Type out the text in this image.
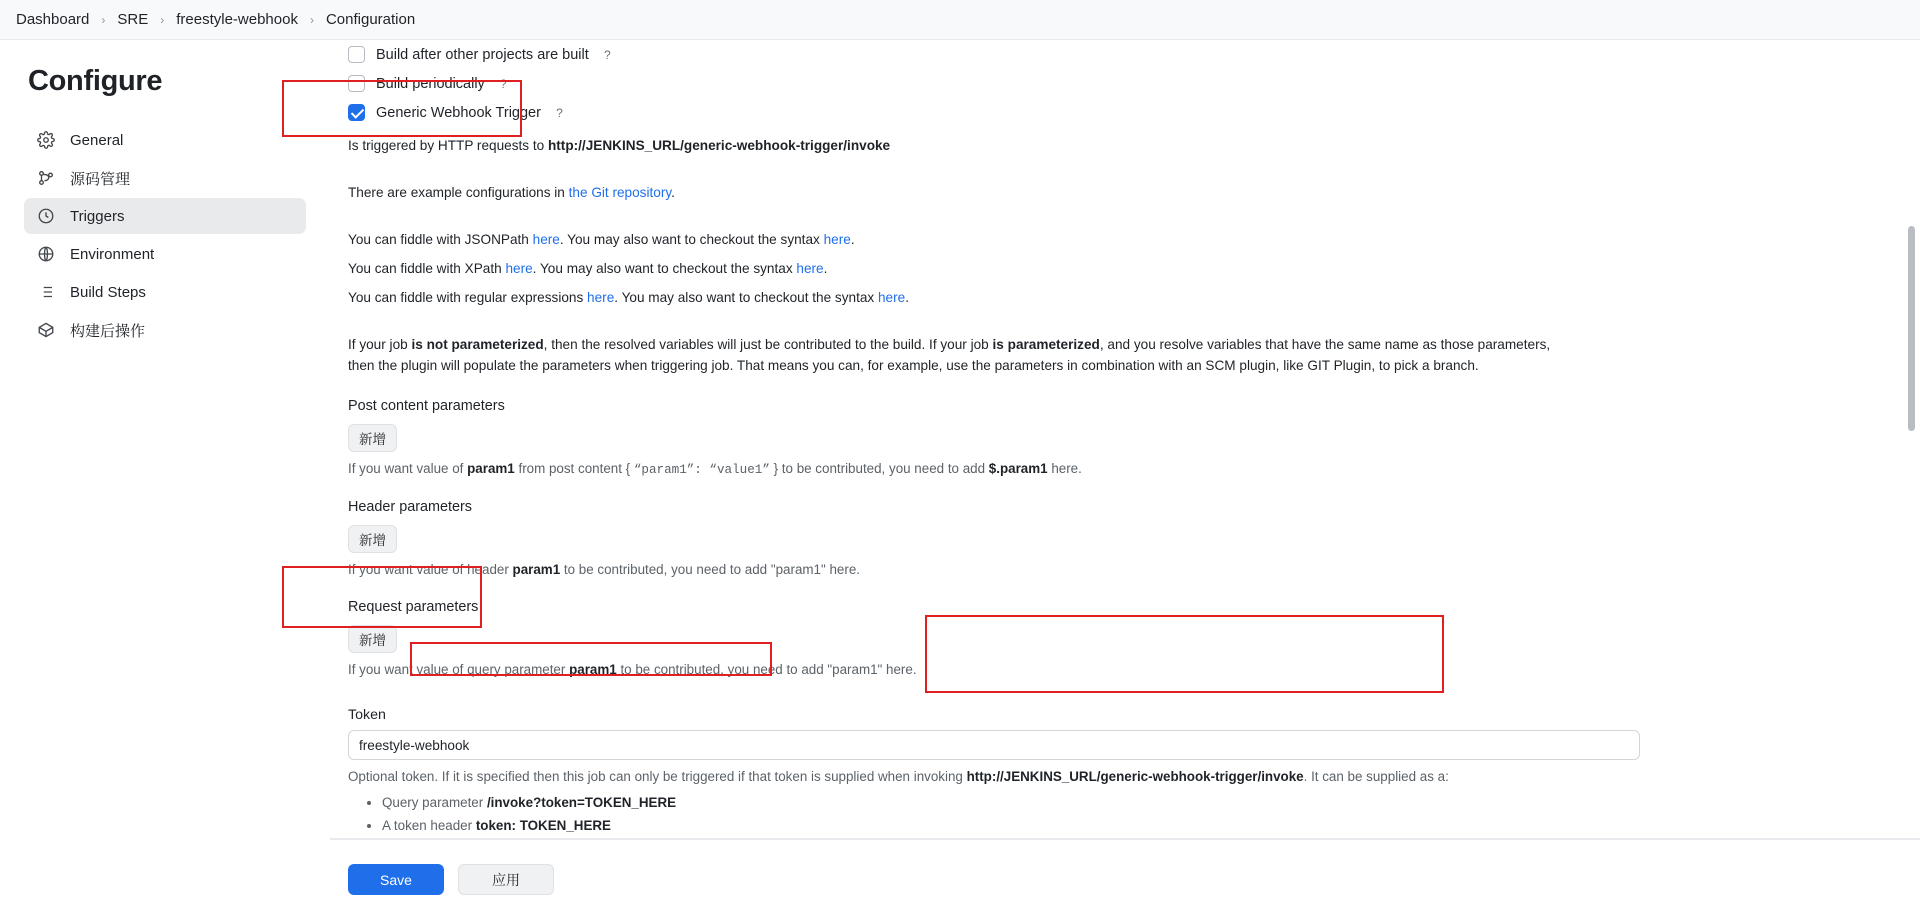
Dashboard › SRE › freestyle-webhook › Configuration
Configure
General
源码管理
Triggers
Environment
Build Steps
构建后操作
Build after other projects are built	?
Build periodically	?
Generic Webhook Trigger	?
Is triggered by HTTP requests to http://JENKINS_URL/generic-webhook-trigger/invoke
There are example configurations in the Git repository.
You can fiddle with JSONPath here. You may also want to checkout the syntax here.
You can fiddle with XPath here. You may also want to checkout the syntax here.
You can fiddle with regular expressions here. You may also want to checkout the syntax here.
If your job is not parameterized, then the resolved variables will just be contributed to the build. If your job is parameterized, and you resolve variables that have the same name as those parameters,
then the plugin will populate the parameters when triggering job. That means you can, for example, use the parameters in combination with an SCM plugin, like GIT Plugin, to pick a branch.
Post content parameters
新增
If you want value of param1 from post content { “param1”: “value1” } to be contributed, you need to add $.param1 here.
Header parameters
新增
If you want value of header param1 to be contributed, you need to add "param1" here.
Request parameters
新增
If you want value of query parameter param1 to be contributed, you need to add "param1" here.
Token
freestyle-webhook
Optional token. If it is specified then this job can only be triggered if that token is supplied when invoking http://JENKINS_URL/generic-webhook-trigger/invoke. It can be supplied as a:
• Query parameter /invoke?token=TOKEN_HERE
• A token header token: TOKEN_HERE
•
Save	应用
